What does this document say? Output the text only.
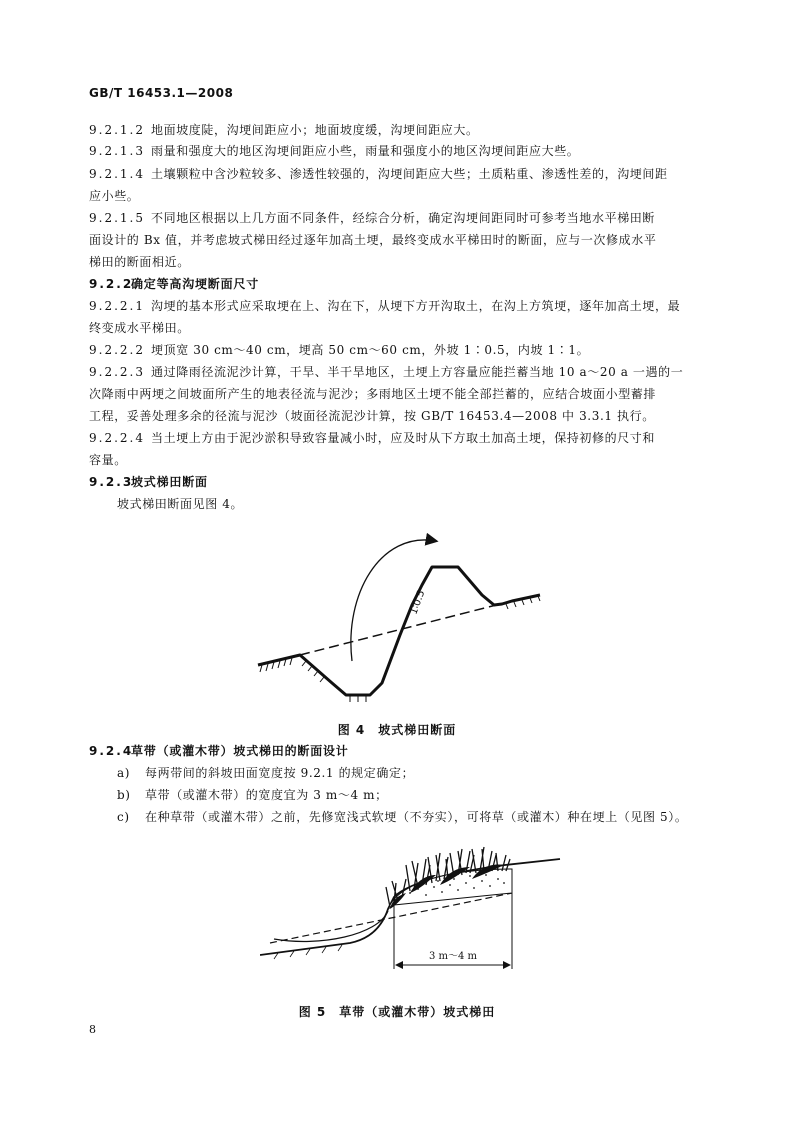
GB/T 16453.1—2008
9.2.1.2 地面坡度陡，沟埂间距应小；地面坡度缓，沟埂间距应大。
9.2.1.3 雨量和强度大的地区沟埂间距应小些，雨量和强度小的地区沟埂间距应大些。
9.2.1.4 土壤颗粒中含沙粒较多、渗透性较强的，沟埂间距应大些；土质粘重、渗透性差的，沟埂间距
应小些。
9.2.1.5 不同地区根据以上几方面不同条件，经综合分析，确定沟埂间距同时可参考当地水平梯田断
面设计的 Bx 值，并考虑坡式梯田经过逐年加高土埂，最终变成水平梯田时的断面，应与一次修成水平
梯田的断面相近。
9.2.2确定等高沟埂断面尺寸
9.2.2.1 沟埂的基本形式应采取埂在上、沟在下，从埂下方开沟取土，在沟上方筑埂，逐年加高土埂，最
终变成水平梯田。
9.2.2.2 埂顶宽 30 cm～40 cm，埂高 50 cm～60 cm，外坡 1∶0.5，内坡 1∶1。
9.2.2.3 通过降雨径流泥沙计算，干旱、半干旱地区，土埂上方容量应能拦蓄当地 10 a～20 a 一遇的一
次降雨中两埂之间坡面所产生的地表径流与泥沙；多雨地区土埂不能全部拦蓄的，应结合坡面小型蓄排
工程，妥善处理多余的径流与泥沙（坡面径流泥沙计算，按 GB/T 16453.4—2008 中 3.3.1 执行。
9.2.2.4 当土埂上方由于泥沙淤积导致容量减小时，应及时从下方取土加高土埂，保持初修的尺寸和
容量。
9.2.3坡式梯田断面
坡式梯田断面见图 4。
1∶0.5
图 4　坡式梯田断面
9.2.4草带（或灌木带）坡式梯田的断面设计
a) 每两带间的斜坡田面宽度按 9.2.1 的规定确定；
b) 草带（或灌木带）的宽度宜为 3 m～4 m；
c) 在种草带（或灌木带）之前，先修宽浅式软埂（不夯实），可将草（或灌木）种在埂上（见图 5）。
3 m～4 m
图 5　草带（或灌木带）坡式梯田
8
